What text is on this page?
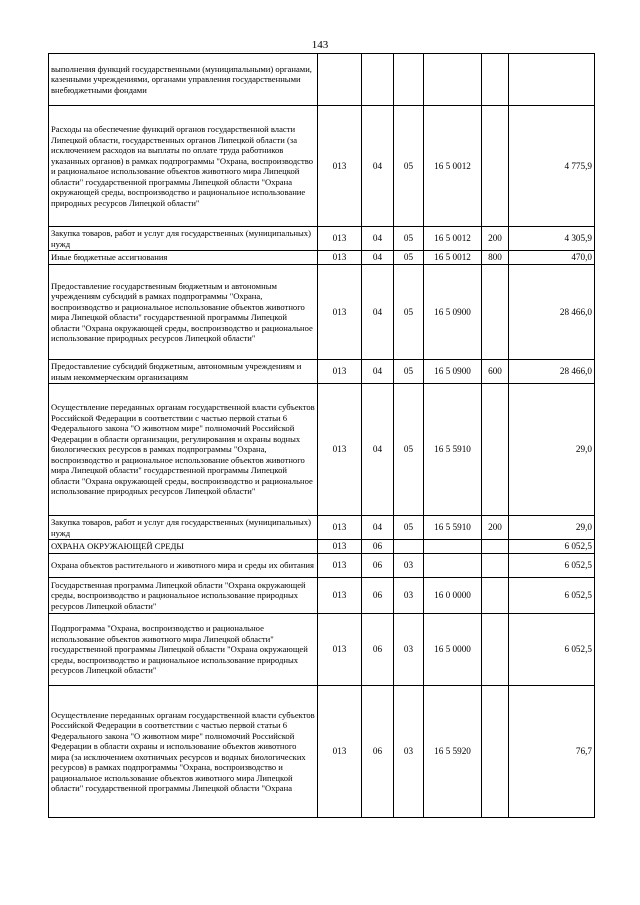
143
выполнения функций государственными (муниципальными) органами, казенными учреждениями, органами управления государственными внебюджетными фондами						
Расходы на обеспечение функций органов государственной власти Липецкой области, государственных органов Липецкой области (за исключением расходов на выплаты по оплате труда работников указанных органов) в рамках подпрограммы "Охрана, воспроизводство и рациональное использование объектов животного мира Липецкой области" государственной программы Липецкой области "Охрана окружающей среды, воспроизводство и рациональное использование природных ресурсов Липецкой области"	013	04	05	16 5 0012		4 775,9
Закупка товаров, работ и услуг для государственных (муниципальных) нужд	013	04	05	16 5 0012	200	4 305,9
Иные бюджетные ассигнования	013	04	05	16 5 0012	800	470,0
Предоставление государственным бюджетным и автономным учреждениям субсидий в рамках подпрограммы "Охрана, воспроизводство и рациональное использование объектов животного мира Липецкой области" государственной программы Липецкой области "Охрана окружающей среды, воспроизводство и рациональное использование природных ресурсов Липецкой области"	013	04	05	16 5 0900		28 466,0
Предоставление субсидий бюджетным, автономным учреждениям и иным некоммерческим организациям	013	04	05	16 5 0900	600	28 466,0
Осуществление переданных органам государственной власти субъектов Российской Федерации в соответствии с частью первой статьи 6 Федерального закона "О животном мире" полномочий Российской Федерации в области организации, регулирования и охраны водных биологических ресурсов в рамках подпрограммы "Охрана, воспроизводство и рациональное использование объектов животного мира Липецкой области" государственной программы Липецкой области "Охрана окружающей среды, воспроизводство и рациональное использование природных ресурсов Липецкой области"	013	04	05	16 5 5910		29,0
Закупка товаров, работ и услуг для государственных (муниципальных) нужд	013	04	05	16 5 5910	200	29,0
ОХРАНА ОКРУЖАЮЩЕЙ СРЕДЫ	013	06				6 052,5
Охрана объектов растительного и животного мира и среды их обитания	013	06	03			6 052,5
Государственная программа Липецкой области "Охрана окружающей среды, воспроизводство и рациональное использование природных ресурсов Липецкой области"	013	06	03	16 0 0000		6 052,5
Подпрограмма "Охрана, воспроизводство и рациональное использование объектов животного мира Липецкой области" государственной программы Липецкой области "Охрана окружающей среды, воспроизводство и рациональное использование природных ресурсов Липецкой области"	013	06	03	16 5 0000		6 052,5
Осуществление переданных органам государственной власти субъектов Российской Федерации в соответствии с частью первой статьи 6 Федерального закона "О животном мире" полномочий Российской Федерации в области охраны и использование объектов животного мира (за исключением охотничьих ресурсов и водных биологических ресурсов) в рамках подпрограммы "Охрана, воспроизводство и рациональное использование объектов животного мира Липецкой области" государственной программы Липецкой области "Охрана	013	06	03	16 5 5920		76,7
